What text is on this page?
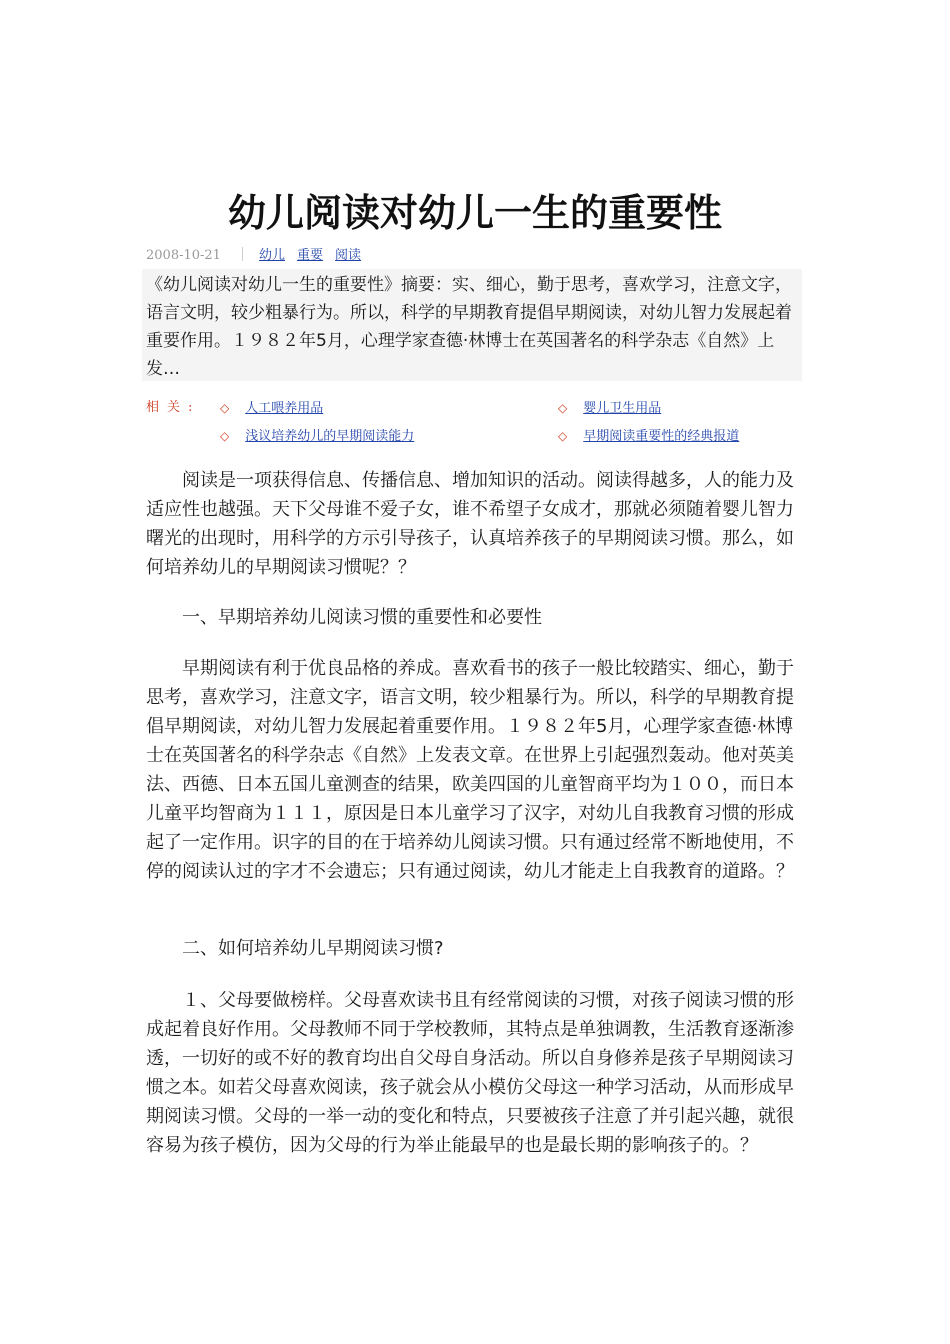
幼儿阅读对幼儿一生的重要性
2008-10-21	幼儿 重要 阅读
《幼儿阅读对幼儿一生的重要性》摘要：实、细心，勤于思考，喜欢学习，注意文字，语言文明，较少粗暴行为。所以，科学的早期教育提倡早期阅读，对幼儿智力发展起着重要作用。１９８２年5月，心理学家查德·林博士在英国著名的科学杂志《自然》上发…
相关: ◇ 人工喂养用品	◇ 婴儿卫生用品
◇ 浅议培养幼儿的早期阅读能力	◇ 早期阅读重要性的经典报道

阅读是一项获得信息、传播信息、增加知识的活动。阅读得越多，人的能力及适应性也越强。天下父母谁不爱子女，谁不希望子女成才，那就必须随着婴儿智力曙光的出现时，用科学的方示引导孩子，认真培养孩子的早期阅读习惯。那么，如何培养幼儿的早期阅读习惯呢？？

一、早期培养幼儿阅读习惯的重要性和必要性

早期阅读有利于优良品格的养成。喜欢看书的孩子一般比较踏实、细心，勤于思考，喜欢学习，注意文字，语言文明，较少粗暴行为。所以，科学的早期教育提倡早期阅读，对幼儿智力发展起着重要作用。１９８２年5月，心理学家查德·林博士在英国著名的科学杂志《自然》上发表文章。在世界上引起强烈轰动。他对英美法、西德、日本五国儿童测查的结果，欧美四国的儿童智商平均为１００，而日本儿童平均智商为１１１，原因是日本儿童学习了汉字，对幼儿自我教育习惯的形成起了一定作用。识字的目的在于培养幼儿阅读习惯。只有通过经常不断地使用，不停的阅读认过的字才不会遗忘；只有通过阅读，幼儿才能走上自我教育的道路。？

二、如何培养幼儿早期阅读习惯?

１、父母要做榜样。父母喜欢读书且有经常阅读的习惯，对孩子阅读习惯的形成起着良好作用。父母教师不同于学校教师，其特点是单独调教，生活教育逐渐渗透，一切好的或不好的教育均出自父母自身活动。所以自身修养是孩子早期阅读习惯之本。如若父母喜欢阅读，孩子就会从小模仿父母这一种学习活动，从而形成早期阅读习惯。父母的一举一动的变化和特点，只要被孩子注意了并引起兴趣，就很容易为孩子模仿，因为父母的行为举止能最早的也是最长期的影响孩子的。？
